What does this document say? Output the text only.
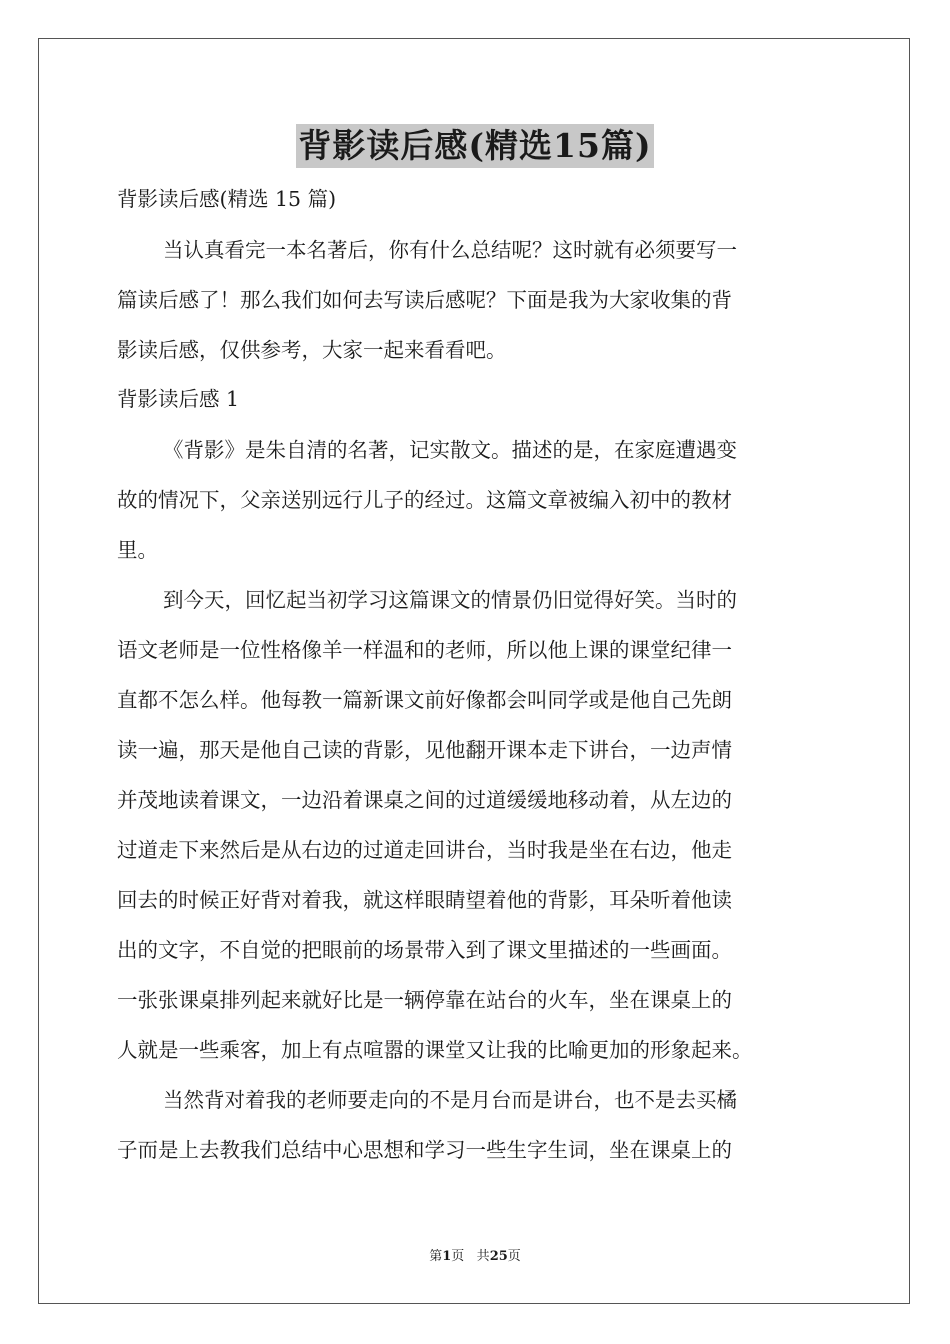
背影读后感(精选15篇)
背影读后感(精选 15 篇)
当认真看完一本名著后，你有什么总结呢？这时就有必须要写一
篇读后感了！那么我们如何去写读后感呢？下面是我为大家收集的背
影读后感，仅供参考，大家一起来看看吧。
背影读后感 1
《背影》是朱自清的名著，记实散文。描述的是，在家庭遭遇变
故的情况下，父亲送别远行儿子的经过。这篇文章被编入初中的教材
里。
到今天，回忆起当初学习这篇课文的情景仍旧觉得好笑。当时的
语文老师是一位性格像羊一样温和的老师，所以他上课的课堂纪律一
直都不怎么样。他每教一篇新课文前好像都会叫同学或是他自己先朗
读一遍，那天是他自己读的背影，见他翻开课本走下讲台，一边声情
并茂地读着课文，一边沿着课桌之间的过道缓缓地移动着，从左边的
过道走下来然后是从右边的过道走回讲台，当时我是坐在右边，他走
回去的时候正好背对着我，就这样眼睛望着他的背影，耳朵听着他读
出的文字，不自觉的把眼前的场景带入到了课文里描述的一些画面。
一张张课桌排列起来就好比是一辆停靠在站台的火车，坐在课桌上的
人就是一些乘客，加上有点喧嚣的课堂又让我的比喻更加的形象起来。
当然背对着我的老师要走向的不是月台而是讲台，也不是去买橘
子而是上去教我们总结中心思想和学习一些生字生词，坐在课桌上的
第1页 共25页
